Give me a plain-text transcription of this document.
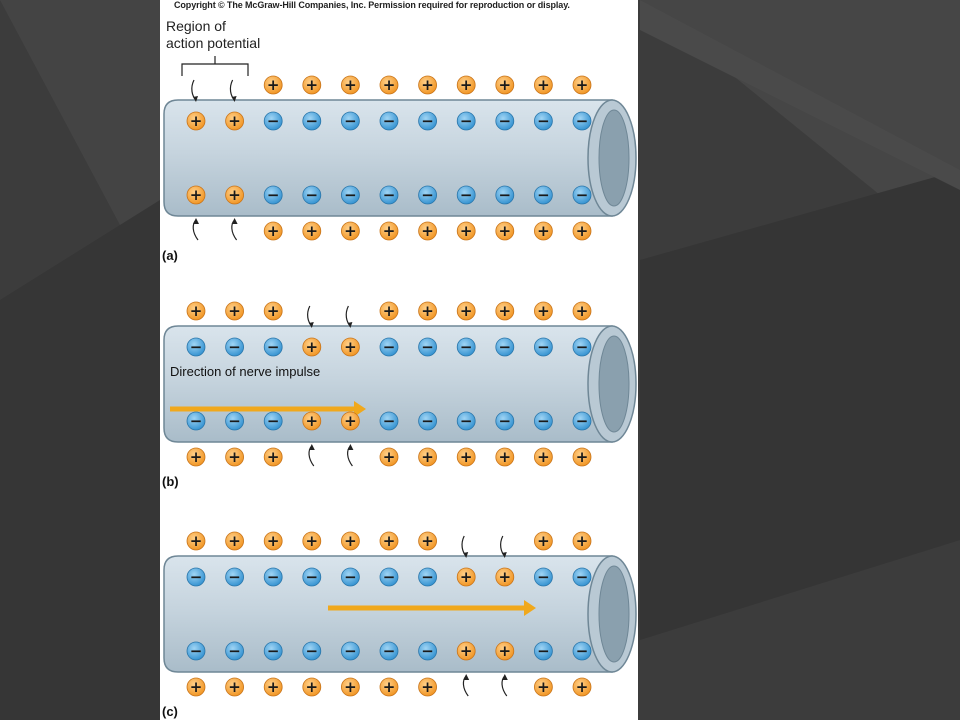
Copyright © The McGraw-Hill Companies, Inc. Permission required for reproduction or display.
Region of
action potential
+
+
+
+
−
−
+
+
−
−
+
+
−
−
+
+
−
−
+
+
−
−
+
+
−
−
+
+
−
−
+
+
−
−
+
+
−
−
+
+
−
−
+
+
−
−
+
+
−
−
+
+
+
+
+
+
−
−
+
+
−
−
+
+
−
−
+
+
−
−
+
+
−
−
+
+
−
−
+
+
−
−
+
+
−
−
+
+
−
−
+
+
−
−
+
+
−
−
+
+
−
−
+
+
−
−
+
+
+
+
+
+
−
−
+
+
−
−
+
+
(a)
(b)
(c)
Direction of nerve impulse
